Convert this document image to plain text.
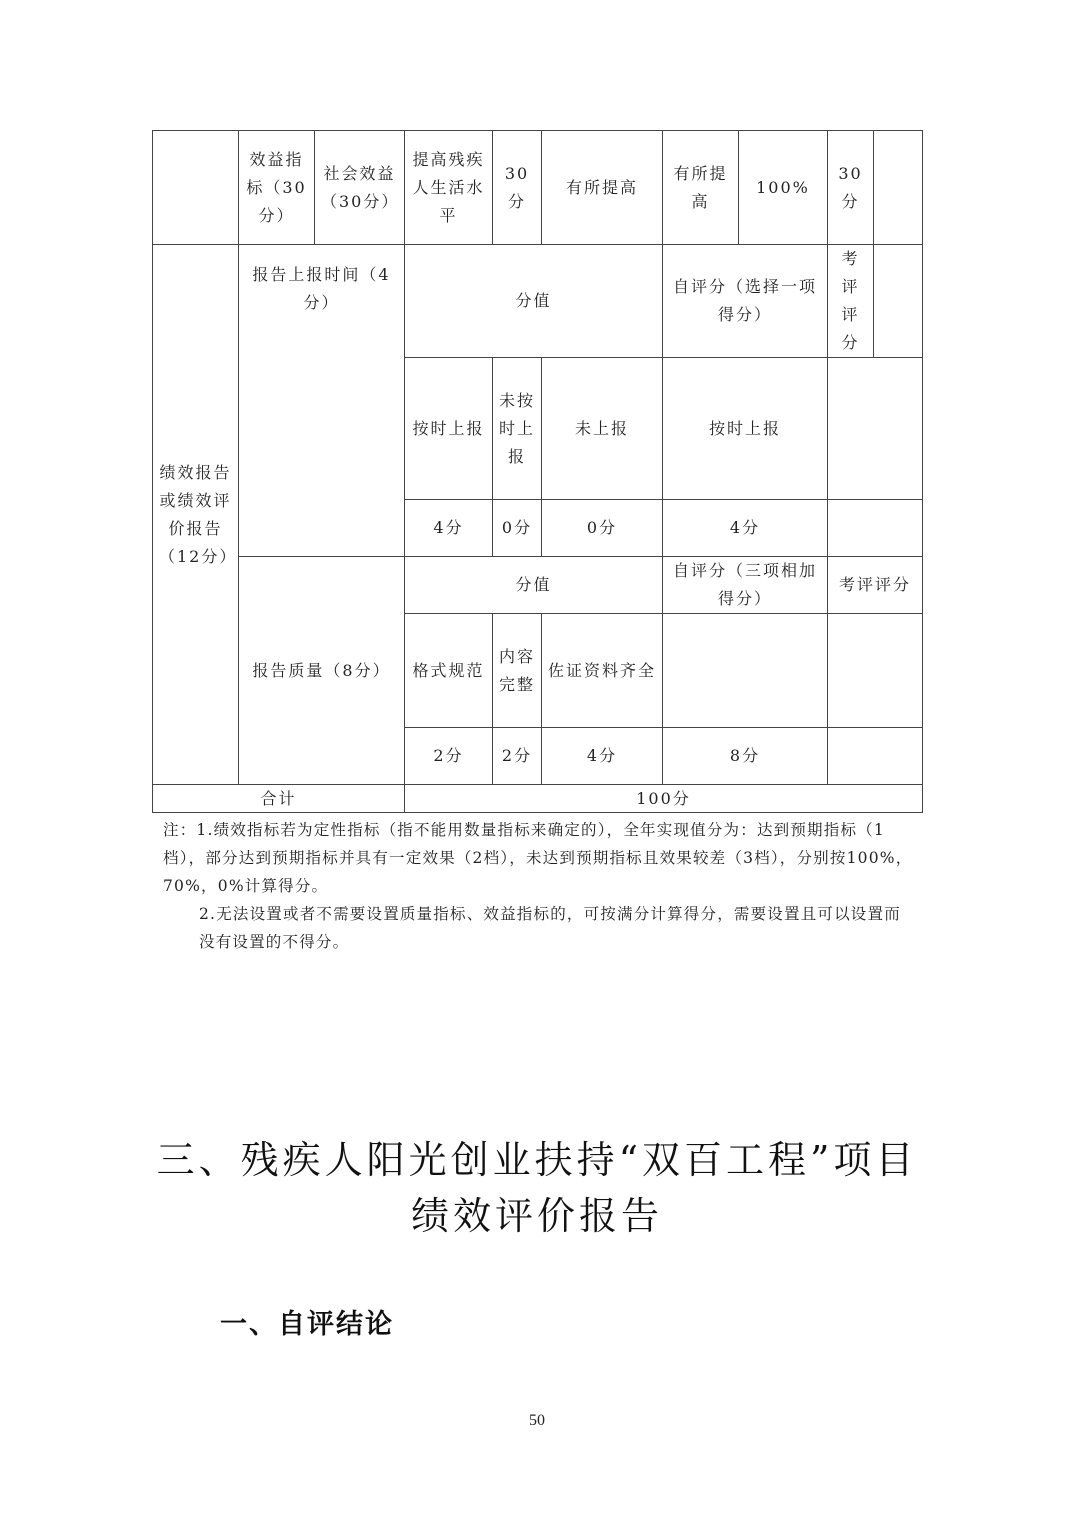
	效益指标（30分）	社会效益（30分）	提高残疾人生活水平	30分	有所提高	有所提高	100%	30分	
绩效报告或绩效评价报告（12分）	报告上报时间（4分）		分值			自评分（选择一项得分）		考评评分	
			按时上报	未按时上报	未上报	按时上报			
			4分	0分	0分	4分			
	报告质量（8分）		分值			自评分（三项相加得分）		考评评分	
			格式规范	内容完整	佐证资料齐全				
			2分	2分	4分	8分			
合计			100分						
注：1.绩效指标若为定性指标（指不能用数量指标来确定的），全年实现值分为：达到预期指标（1档），部分达到预期指标并具有一定效果（2档），未达到预期指标且效果较差（3档），分别按100%，70%，0%计算得分。
2.无法设置或者不需要设置质量指标、效益指标的，可按满分计算得分，需要设置且可以设置而没有设置的不得分。
三、残疾人阳光创业扶持“双百工程”项目绩效评价报告
一、自评结论
50
